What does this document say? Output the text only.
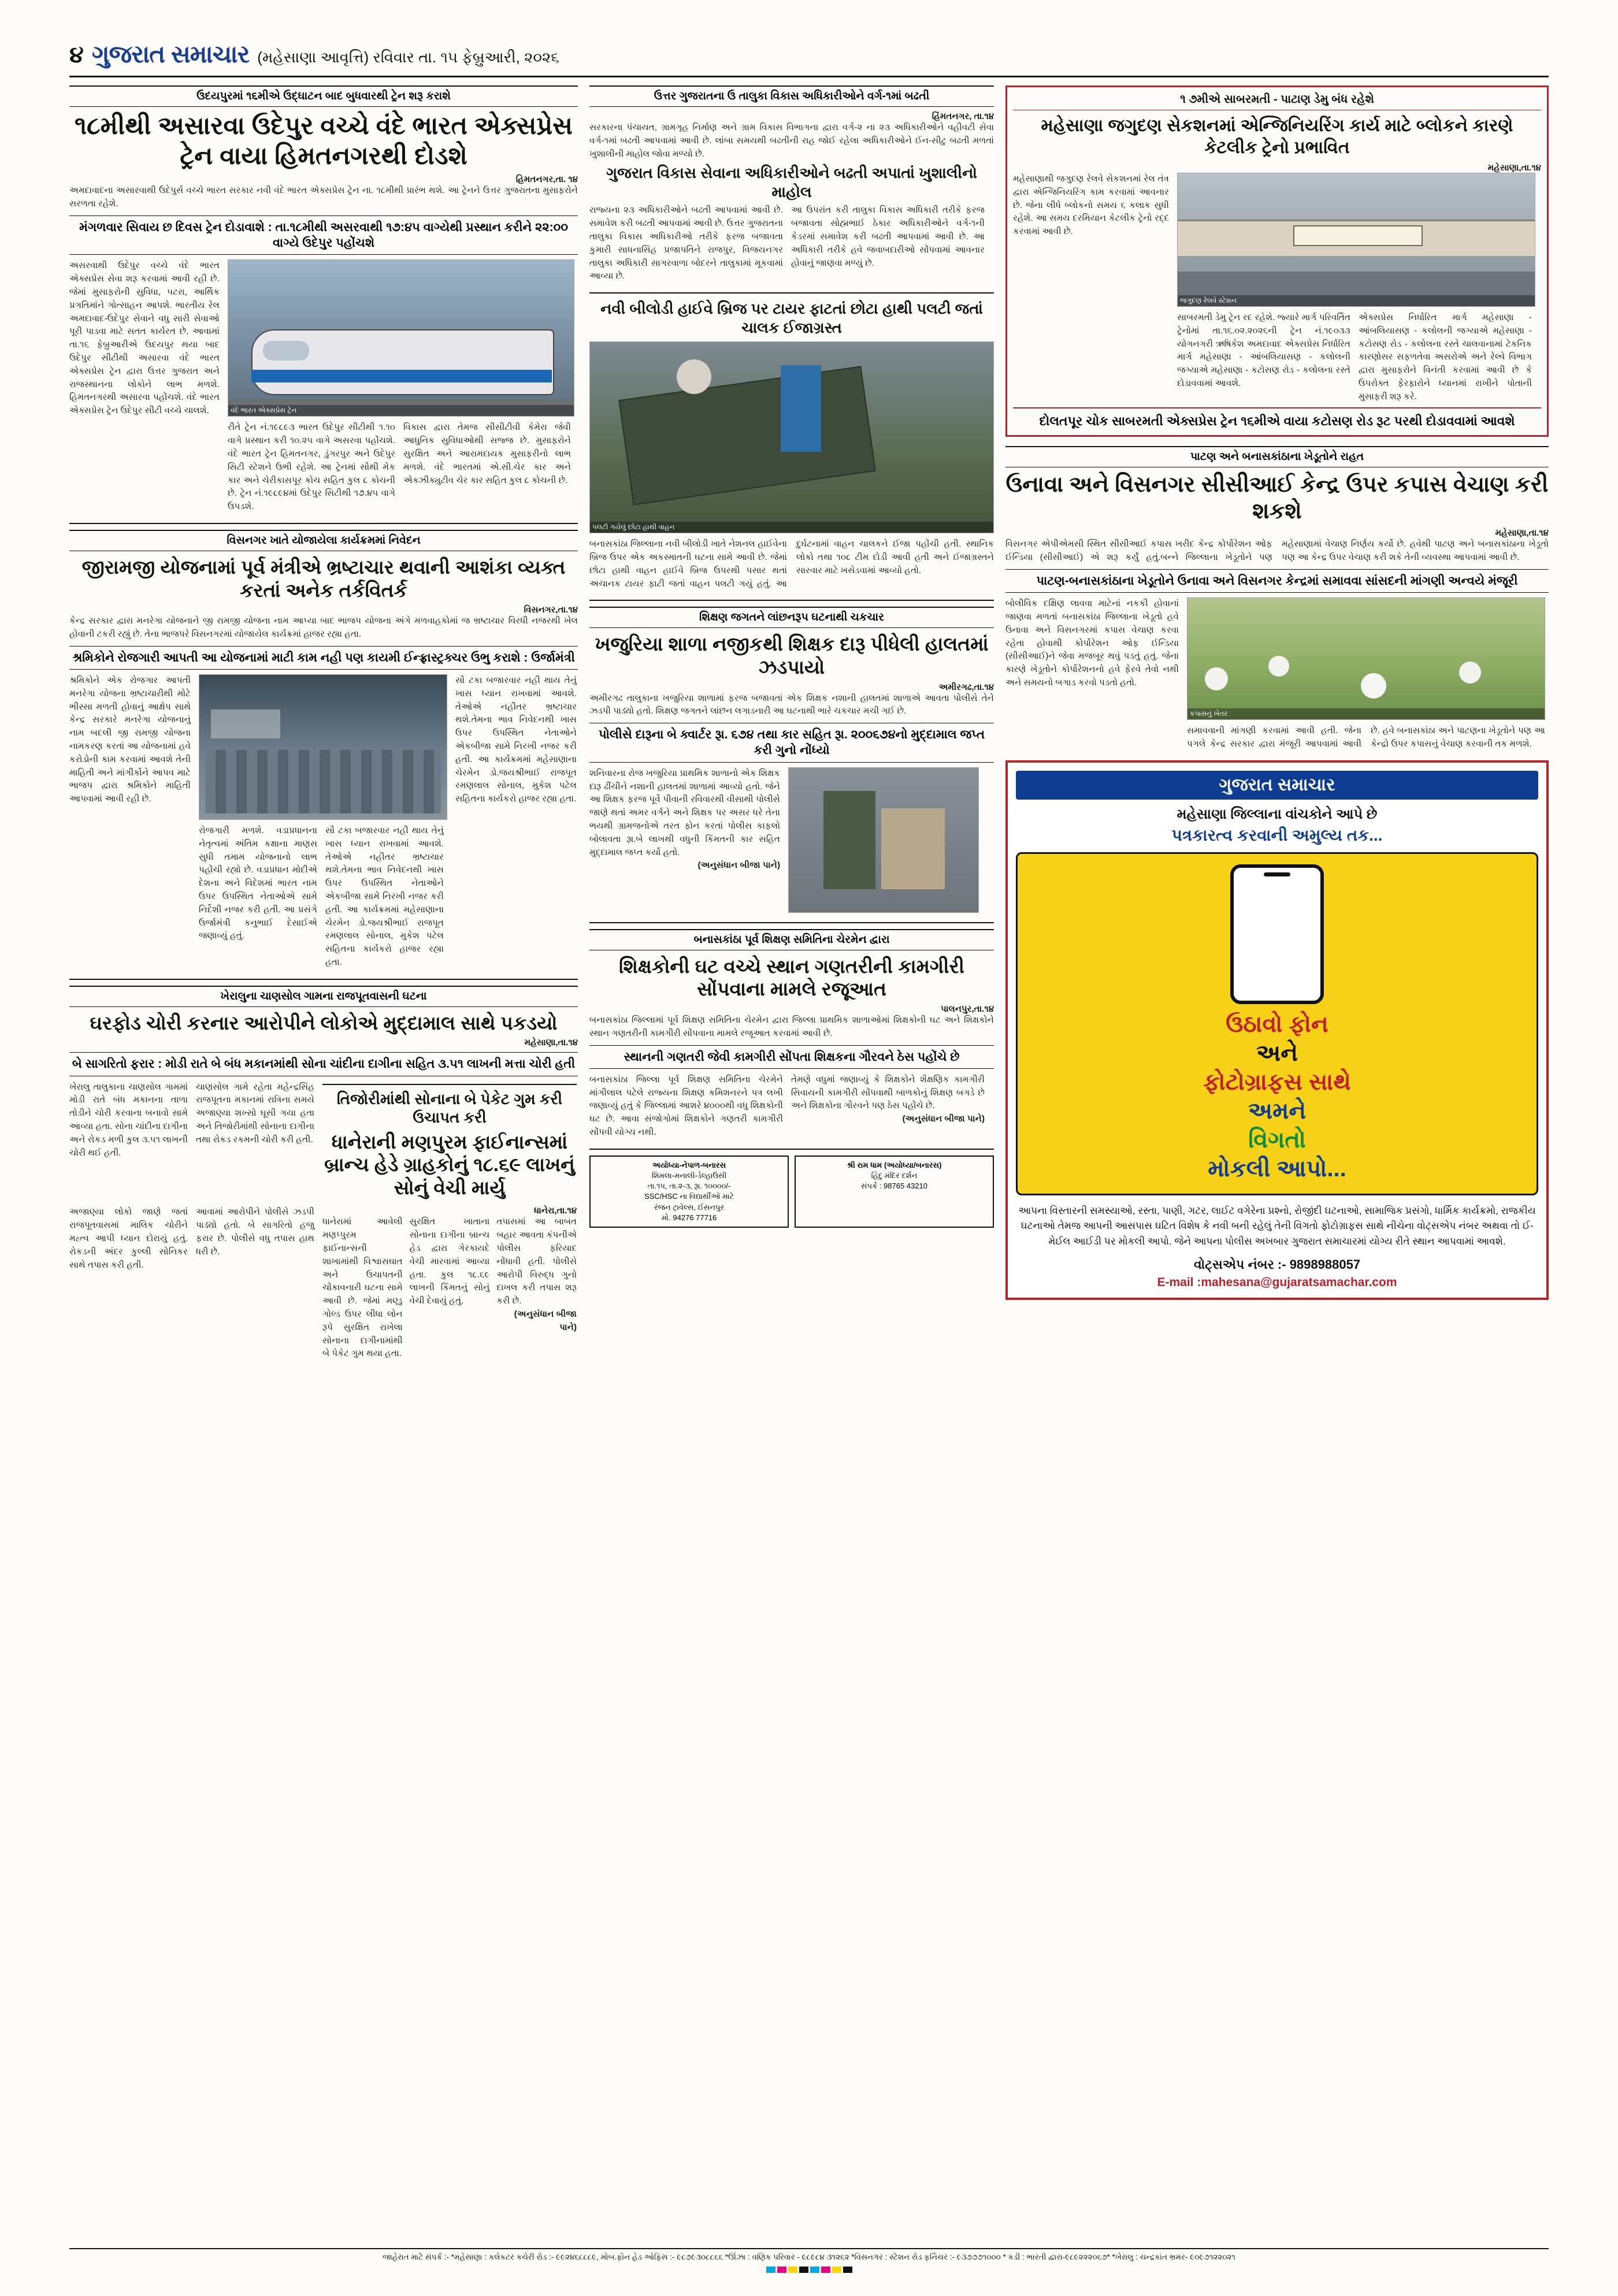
૪ ગુજરાત સમાચાર (મહેસાણા આવૃત્તિ) રવિવાર તા. ૧૫ ફેબ્રુઆરી, ૨૦૨૬
ઉદયપુરમાં ૧૬મીએ ઉદ્ઘાટન બાદ બુધવારથી ટ્રેન શરૂ કરાશે
૧૮મીથી અસારવા ઉદેપુર વચ્ચે વંદે ભારત એક્સપ્રેસ ટ્રેન વાયા હિમતનગરથી દોડશે
હિમતનગર,તા. ૧૪
અમદાવાદના અસારવાથી ઉદેપુર્સ વચ્ચે ભારત સરકાર નવી વંદે ભારત એક્સપ્રેસ ટ્રેન ના. ૧૮મીથી પ્રારંભ થશે. આ ટ્રેનને ઉત્તર ગુજરાતના મુસાફરોને સરળતા રહેશે.
મંગળવાર સિવાય છ દિવસ ટ્રેન દોડાવાશે : તા.૧૮મીથી અસરવાથી ૧૭:૪૫ વાગ્યેથી પ્રસ્થાન કરીને ૨૨:૦૦ વાગ્યે ઉદેપુર પહોંચશે
અસરવાથી ઉદેપુર વચ્ચે વંદે ભારત એક્સપ્રેસ સેવા શરૂ કરવામાં આવી રહી છે. જેમાં મુસાફરોની સુવિધા, ૫ટરા, આર્થિક પ્રગતિમાંને ગોત્સાહન આપશે. ભારતીય રેલ અમદાવાદ-ઉદેપુર સેવાને વધુ સારી સેવાઓ પૂરી પાડવા માટે સતત કાર્યરત છે. આવામાં તા.૧૬ ફેબ્રુઆરીએ ઉદયપુર થયા બાદ ઉદેપુર સીટીથી અસારવા વંદે ભારત એક્સપ્રેસ ટ્રેન દ્વારા ઉત્તર ગુજરાત અને રાજસ્થાનના લોકોને લાભ મળશે. હિમતનગરથી અસારવા પહોંચશે. વંદે ભારત એક્સપ્રેસ ટ્રેન ઉદેપુર સીટી વચ્ચે ચાલશે.	વંદે ભારત એક્સપ્રેસ ટ્રેન
રીતે ટ્રેન નં.૧૯૮૯૩ ભારત ઉદેપુર સીટીથી ૧.૧૦ વાગે પ્રસ્થાન કરી ૧૦.૨૫ વાગે અસરવા પહોંચશે. વંદે ભારત ટ્રેન હિમતનગર, ડુંગરપુર અને ઉદેપુર સિટી સ્ટેશને ઉભી રહેશે. આ ટ્રેનમાં સૌથી મેક કાર અને ચેરીકાસપૂર કોચ સહિત કુલ ૮ કોચની છે. ટ્રેન નં.૧૯૮૯૪માં ઉદેપુર સિટીથી ૧૭.૪૫ વાગે ઉપડશે.
વિકાસ દ્વારા તેમજ સીસીટીવી કેમેરા જેવી આધુનિક સુવિધાઓથી સજ્જ છે. મુસાફરોને સુરક્ષિત અને આરામદાયક મુસાફરીનો લાભ મળશે. વંદે ભારતમાં એ.સી.ચેર કાર અને એક્ઝીક્યુટીવ ચેર કાર સહિત કુલ ૮ કોચની છે.
વિસનગર ખાતે યોજાયેલા કાર્યક્રમમાં નિવેદન
જીરામજી યોજનામાં પૂર્વ મંત્રીએ ભ્રષ્ટાચાર થવાની આશંકા વ્યક્ત કરતાં અનેક તર્કવિતર્ક
વિસનગર,તા.૧૪
કેન્દ્ર સરકાર દ્વારા મનરેગા યોજનાને જી રામજી યોજના નામ આપ્યા બાદ ભાજપ યોજના અંગે મળવાહકોમાં જ ભ્રષ્ટાચાર વિરધી નજરથી ખેલ હોવાની ટકરી રહ્યું છે. તેના ભાજપરે વિસનગરમાં યોજાયેલ કાર્યક્રમાં હાજર રહ્યા હતા.
શ્રમિકોને રોજગારી આપતી આ યોજનામાં માટી કામ નહી પણ કાયમી ઈન્ફ્રાસ્ટ્રક્ચર ઉભુ કરાશે : ઉર્જામંત્રી
શ્રમિકોને એક રોજગાર આપતી મનરેગા યોજના ભ્રષ્ટાચારીથી મોટે ભીસ્સા મળતી હોવાનું આક્ષેપ સાથે કેન્દ્ર સરકારે મનરેગા યોજનાનું નામ બદલી જી રામજી યોજના નામકરણ કરતાં આ યોજનામાં હવે કરોડોની કામ કરવામાં આવશે તેની માહિતી અને માંગીર્કોને આપવ માટે ભાજપ દ્વારા શ્રમિકોને માહિતી આપવામાં આવી રહી છે.
રોજગારી મળશે. વડાપ્રધાનના નેતૃત્વમાં અંતિમ કક્ષાના માણસ સુધી તમામ યોજનાનો લાભ પહોંચી રહ્યો છે. વડાપ્રધાન મોદીએ દેશના અને વિદેશમાં ભારત નામ ઉપર ઉપસ્થિત નેતાઓએ સામે નિર્દેશી નજર કરી હતી. આ પ્રસંગે ઉર્જામંત્રી કનુભાઈ દેસાઈએ જણાવ્યું હતું.
સૌ ટકા બજારવાર નહી થાય તેનું ખાસ ધ્યાન રાખવામાં આવશે. તેઓએ નહીતર ભ્રષ્ટાચાર થશે.તેમના ભાવ નિવેદનથી ખાસ ઉપર ઉપસ્થિત નેતાઓને એકબીજા સામે નિરખી નજર કરી હતી. આ કાર્યક્રમમાં મહેસાણાના ચેરમેન ડો.જયશ્રીભાઈ રાજપૂત રમણલાલ સોનાલ, મુકેશ પટેલ સહિતના કાર્યકરો હાજર રહ્યા હતા.
સૌ ટકા બજારવાર નહી થાય તેનું ખાસ ધ્યાન રાખવામાં આવશે. તેઓએ નહીતર ભ્રષ્ટાચાર થશે.તેમના ભાવ નિવેદનથી ખાસ ઉપર ઉપસ્થિત નેતાઓને એકબીજા સામે નિરખી નજર કરી હતી. આ કાર્યક્રમમાં મહેસાણાના ચેરમેન ડો.જયશ્રીભાઈ રાજપૂત રમણલાલ સોનાલ, મુકેશ પટેલ સહિતના કાર્યકરો હાજર રહ્યા હતા.
ખેરાલુના ચાણસોલ ગામના રાજપૂતવાસની ઘટના
ઘરફોડ ચોરી કરનાર આરોપીને લોકોએ મુદ્દામાલ સાથે પકડયો
મહેસાણા,તા.૧૪
બે સાગરિતો ફરાર : મોડી રાતે બે બંધ મકાનમાંથી સોના ચાંદીના દાગીના સહિત ૩.૫૧ લાખની મત્તા ચોરી હતી
ખેરાલુ તાલુકાના ચાણસોલ ગામમાં મોડી રાતે બંધ મકાનના તાળા તોડીને ચોરી કરવાના બનાવો સામે આવ્યા હતા. સોના ચાંદીના દાગીના અને રોકડ મળી કુલ ૩.૫૧ લાખની ચોરી થઈ હતી.
ચાણસોલ ગામે રહેતા મહેન્દ્રસિંહ રાજપૂતના મકાનમાં રાત્રિના સમયે અજાણ્યા શખ્સો ઘૂસી ગયા હતા અને તિજોરીમાંથી સોનાના દાગીના તથા રોકડ રકમની ચોરી કરી હતી.
તિજોરીમાંથી સોનાના બે પેકેટ ગુમ કરી ઉચાપત કરી
ધાનેરાની મણપુરમ ફાઈનાન્સમાં બ્રાન્ચ હેડે ગ્રાહકોનું ૧૮.૬૯ લાખનું સોનું વેચી માર્યુ
અજાણ્યા લોકો જાણે જતાં રાજપૂતવાસમાં માલિક ચોરીને મહ્ત્વ આપી ધ્યાન દોરાયું હતું. રોકડની અંદર કુલ્લી સોનિકર સાથે તપાસ કરી હતી.
આવામાં આરોપીને પોલીસે ઝડપી પાડ્યો હતો. બે સાગરિતો હજુ ફરાર છે. પોલીસે વધુ તપાસ હાથ ધરી છે.
ધાનેરા,તા.૧૪
ધાનેરામાં આવેલી મણપ્પુરમ ફાઈનાન્સની શાખામાંથી વિશ્વાસઘાત અને ઉચાપતની ચોંકાવનારી ઘટના સામે આવી છે. જેમાં મણ્ડુ ગોલ્ડ ઉપર લીધા લોન રૂપે સુરક્ષિત રાખેલા સોનાના દાગીનામાંથી બે પેકેટ ગુમ થયા હતા.
સુરક્ષિત ખાતાના સોનાના દાગીના બ્રાન્ચ હેડ દ્વારા ગેરકાયદે વેચી મારવામાં આવ્યા હતા. કુલ ૧૮.૬૯ લાખની કિંમતનું સોનું વેચી દેવાયું હતું.
તપાસમાં આ બાબત બહાર આવતા કંપનીએ પોલીસ ફરિયાદ નોંધાવી હતી. પોલીસે આરોપી વિરુદ્ધ ગુનો દાખલ કરી તપાસ શરૂ કરી છે.
(અનુસંધાન બીજા પાને)
ઉત્તર ગુજરાતના ઉ તાલુકા વિકાસ અધિકારીઓને વર્ગ-૧માં બઢતી
હિંમતનગર, તા.૧૪
સરકારના પંચાયત, ગ્રામગૃહ નિર્માણ અને ગ્રામ વિકાસ વિભાગના દ્વારા વર્ગ-૨ ના ૨૩ અધિકારીઓને વહીવટી સેવા વર્ગ-૧માં બઢતી આપવામાં આવી છે. લાંબા સમયથી બઢતીની રાહ જોઈ રહેલા અધિકારીઓને ઈન-સીટુ બઢતી મળતાં ખુશાલીની માહોલ જોવા મળ્યો છે.
ગુજરાત વિકાસ સેવાના અધિકારીઓને બઢતી અપાતાં ખુશાલીનો માહોલ
રાજ્યના ૨૩ અધિકારીઓને બઢતી આપવામાં આવી છે. સમાવેશ કરી બઢતી આપવામાં આવી છે. ઉત્તર ગુજરાતના તાલુકા વિકાસ અધિકારીઓ તરીકે ફરજ બજાવતા કુમારી સાધનાસિંહ પ્રજાપતિને રાજપુર, વિજયનગર તાલુકા અધિકારી સાગરવાળા બોદરને તાલુકામાં મૂકવામાં આવ્યા છે.
આ ઉપરાંત કરી તાલુકા વિકાસ અધિકારી તરીકે ફરજ બજાવતા સોહ્મભાઈ ઠેકાર અધિકારીઓને વર્ગ-૧ની કેડરમાં સમાવેશ કરી બઢતી આપવામાં આવી છે. આ અધિકારી તરીકે હવે જવાબદારીઓ સોંપવામાં આવનાર હોવાનું જાણવા મળ્યું છે.
નવી બીલોડી હાઈવે બ્રિજ પર ટાયર ફાટતાં છોટા હાથી પલટી જતાં ચાલક ઈજાગ્રસ્ત
પલટી ગયેલું છોટા હાથી વાહન
બનાસકાંઠા જિલ્લાના નવી બીલોડી ખાતે નેશનલ હાઈવેના બ્રિજ ઉપર એક અકસ્માતની ઘટના સામે આવી છે. જેમાં છોટા હાથી વાહન હાઈવે બ્રિજ ઉપરથી પસાર થતાં અચાનક ટાયર ફાટી જતાં વાહન પલટી ગયું હતું. આ દુર્ઘટનામાં વાહન ચાલકને ઈજા પહોંચી હતી. સ્થાનિક લોકો તથા ૧૦૮ ટીમ દોડી આવી હતી અને ઈજાગ્રસ્તને સારવાર માટે ખસેડવામાં આવ્યો હતો.
શિક્ષણ જગતને લાંછનરૂપ ઘટનાથી ચકચાર
ખજુરિયા શાળા નજીકથી શિક્ષક દારૂ પીધેલી હાલતમાં ઝડપાયો
અમીરગઢ,તા.૧૪
અમીરગઢ તાલુકાના ખજુરિયા શાળામાં ફરજ બજાવતાં એક શિક્ષક નશાની હાલતમાં શાળાએ આવતા પોલીસે તેને ઝડપી પાડ્યો હતો. શિક્ષણ જગતને લાંછન લગાડનારી આ ઘટનાથી ભારે ચકચાર મચી ગઈ છે.
પોલીસે દારૂના બે ક્વાર્ટર રૂા. ૬૭૪ તથા કાર સહિત રૂા. ૨૦૦૬૭૪નો મુદ્દામાલ જપ્ત કરી ગુનો નોંધ્યો
શનિવારના રોજ ખજુરિયા પ્રાથમિક શાળાનો એક શિક્ષક દારૂ ઢીંચીને નશાની હાલતમાં શાળામાં આવ્યો હતો. જેને આ શિક્ષક ફરજ પૂર્વે પીવાની રવિવારથી વીસાથી પોલીસે જાણે થતાં અમર વર્ગને અને શિક્ષક પર અસર ધરે તેના ભયથી ગ્રામજનોએ તરત ફોન કરતાં પોલીસ કાફલો બોલાવતા રૂા.બે લાખથી વધુની કિંમતની કાર સહિત મુદ્દામાલ જપ્ત કર્યો હતો.
(અનુસંધાન બીજા પાને)
બનાસકાંઠા પૂર્વ શિક્ષણ સમિતિના ચેરમેન દ્વારા
શિક્ષકોની ઘટ વચ્ચે સ્થાન ગણતરીની કામગીરી સોંપવાના મામલે રજૂઆત
પાલનપુર,તા.૧૪
બનાસકાંઠા જિલ્લામાં પૂર્વ શિક્ષણ સમિતિના ચેરમેન દ્વારા જિલ્લા પ્રાથમિક શાળાઓમાં શિક્ષકોની ઘટ અને શિક્ષકોને સ્થાન ગણતરીની કામગીરી સોંપવાના મામલે રજૂઆત કરવામાં આવી છે.
સ્થાનની ગણતરી જેવી કામગીરી સોંપતા શિક્ષકના ગૌરવને ઠેસ પહોંચે છે
બનાસકાંઠા જિલ્લા પૂર્વ શિક્ષણ સમિતિના ચેરમેને માંગીલાલ પટેલે રાજ્યના શિક્ષણ કમિશનરને પત્ર લખી જણાવ્યું હતું કે જિલ્લામાં આશરે ૪૦૦૦થી વધુ શિક્ષકોની ઘટ છે. આવા સંજોગોમાં શિક્ષકોને ગણતરી કામગીરી સોંપવી યોગ્ય નથી.
તેમણે વધુમાં જણાવ્યું કે શિક્ષકોને શૈક્ષણિક કામગીરી સિવાયની કામગીરી સોંપવાથી બાળકોનું શિક્ષણ બગડે છે અને શિક્ષકોના ગૌરવને પણ ઠેસ પહોંચે છે.
(અનુસંધાન બીજા પાને)
અયોધ્યા-નેપાળ-બનારસ
શિમલા-મનાલી-ડેલ્હાઉસી
તા.૧૫, તા.૨-૩, રૂા. ૧૦૦૦૦/-
SSC/HSC ના વિદ્યાર્થીઓ માટે
રંજન ટ્રાવેલ્સ, ઈસનપુર
મો. 94276 77716
શ્રી રામ ધામ (અયોધ્યા/બનારસ)
હિંદુ મંદિર દર્શન
સંપર્ક : 98765 43210
૧ ૭મીએ સાબરમતી - પાટાણ ડેમુ બંધ રહેશે
મહેસાણા જગુદણ સેકશનમાં એન્જિનિયરિંગ કાર્ય માટે બ્લોકને કારણે કેટલીક ટ્રેનો પ્રભાવિત
મહેસાણા,તા.૧૪
મહેસાણાથી જગુદણ રેલવે સેકશનમાં રેલ તંત્ર દ્વારા એન્જિનિયરિંગ કામ કરવામાં આવનાર છે. જેના લીધે બ્લોકનો સમય ૬ કલાક સુધી રહેશે. આ સમય દરમિયાન કેટલીક ટ્રેનો રદ્દ કરવામાં આવી છે.
જગુદણ રેલવે સ્ટેશન
સાબરમતી ડેમુ ટ્રેન રદ રહેશે. જ્યારે માર્ગ પરિવર્તિત ટ્રેનોમાં તા.૧૬.૦૨.૨૦૨૬ની ટ્રેન નં.૧૯૦૩૩ યોગનગરી ઋષિકેશ અમદાવાદ એક્સપ્રેસ નિર્ધારિત માર્ગ મહેસાણા - આંબલિયાસણ - કલોલની જગ્યાએ મહેસાણા - કટોસણ રોડ - કલોલના રસ્તે દોડાવવામાં આવશે.
એક્સપ્રેસ નિર્ધારિત માર્ગ મહેસાણા - આંબલિયાસણ - કલોલની જગ્યાએ મહેસાણા - કટોસણ રોડ - કલોલના રસ્તે ચાલવાનામાં ટેકનિક કારણોસર સફળતેવા અસરોએ અને રેલ્વે વિભાગ દ્વારા મુસાફરોને વિનંતી કરવામાં આવી છે કે ઉપરોક્ત ફેરફારોને ધ્યાનમાં રાખીને પોતાની મુસાફરી શરૂ કરે.
દોલતપૂર ચોક સાબરમતી એક્સપ્રેસ ટ્રેન ૧૬મીએ વાયા કટોસણ રોડ રૂટ પરથી દોડાવવામાં આવશે
પાટણ અને બનાસકાંઠાના ખેડૂતોને રાહત
ઉનાવા અને વિસનગર સીસીઆઈ કેન્દ્ર ઉપર કપાસ વેચાણ કરી શકશે
મહેસાણા,તા.૧૪
વિસનગર એપીએમસી સ્થિત સીસીઆઈ કપાસ ખરીદ કેન્દ્ર કોર્પોરેશન ઓફ ઈન્ડિયા (સીસીઆઈ) એ શરૂ કર્યું હતું.બન્ને જિલ્લાના ખેડૂતોને પણ મહેસાણામાં વેચાણ નિર્ણય કર્યો છે. હવેથી પાટણ અને બનાસકાંઠાના ખેડૂતો પણ આ કેન્દ્ર ઉપર વેચાણ કરી શકે તેની વ્યવસ્થા આપવામાં આવી છે.
પાટણ-બનાસકાંઠાના ખેડૂતોને ઉનાવા અને વિસનગર કેન્દ્રમાં સમાવવા સાંસદની માંગણી અન્વયે મંજૂરી
બોલીવિક દક્ષિણ લાવવા માટેનાં નકકી હોવાનાં જાણવા મળતાં બનાસકાંઠા જિલ્લાના ખેડૂતો હવે ઉનાવા અને વિસનગરમાં કપાસ વેચાણ કરવા રહેતા હોવાથી કોર્પોરેશન ઓફ ઈન્ડિયા (સીસીઆઈ)ને જેવા મજબૂર થવું પડતું હતું. જેના કારણે ખેડૂતોને કોર્પોરેશનનો હવે ફેરવે તેવો નથી અને સમયનો બગાડ કરવો પડતો હતો.
કપાસનું ખેતર
સમાવવાની માંગણી કરવામાં આવી હતી. જેના પગલે કેન્દ્ર સરકાર દ્વારા મંજૂરી આપવામાં આવી છે. હવે બનાસકાંઠા અને પાટણના ખેડૂતોને પણ આ કેન્દ્રો ઉપર કપાસનું વેચાણ કરવાની તક મળશે.
ગુજરાત સમાચાર
મહેસાણા જિલ્લાના વાંચકોને આપે છે
પત્રકારત્વ કરવાની અમુલ્ય તક...
ઉઠાવો ફોન
અને
ફોટોગ્રાફસ સાથે
અમને
વિગતો
મોકલી આપો...
આપના વિસ્તારની સમસ્યાઓ, રસ્તા, પાણી, ગટર, લાઈટ વગેરેના પ્રશ્નો, રોજીંદી ઘટનાઓ, સામાજિક પ્રસંગો, ધાર્મિક કાર્યક્રમો, રાજકીય ઘટનાઓ તેમજ આપની આસપાસ ઘટિત વિશેષ કે નવી બની રહેલું તેની વિગતો ફોટોગ્રાફસ સાથે નીચેના વોટ્સએપ નંબર અથવા તો ઈ-મેઈલ આઈડી પર મોકલી આપો. જેને આપના પોલીસ અખબાર ગુજરાત સમાચારમાં યોગ્ય રીતે સ્થાન આપવામાં આવશે.
વોટ્સએપ નંબર :- 9898988057
E-mail :mahesana@gujaratsamachar.com
જાહેરાત માટે સંપર્ક :- *મહેસાણા : કલેકટર કચેરી રોડ :- ૯૯૨૪૬૮૮૮૯, મોબ.ફોન હેડ ઓફિસ :- ૯૮૭૯૩૦૮૮૬૬ *ઊંઝા : વણિક પરિવાર - ૯૮૯૮૪ ૩૧૨૬૨ *વિસનગર : સ્ટેશન રોડ ફર્નિચર :- ૯૩૭૭૭૧૦૦૦ * કડી : ભારતી દ્વારા-૯૮૯૨૨૨૦૬૭* *ખેરાલુ : ચન્દ્રકાંત ભ્રમર- ૯૦૯૭૧૨૨૦૨૧
